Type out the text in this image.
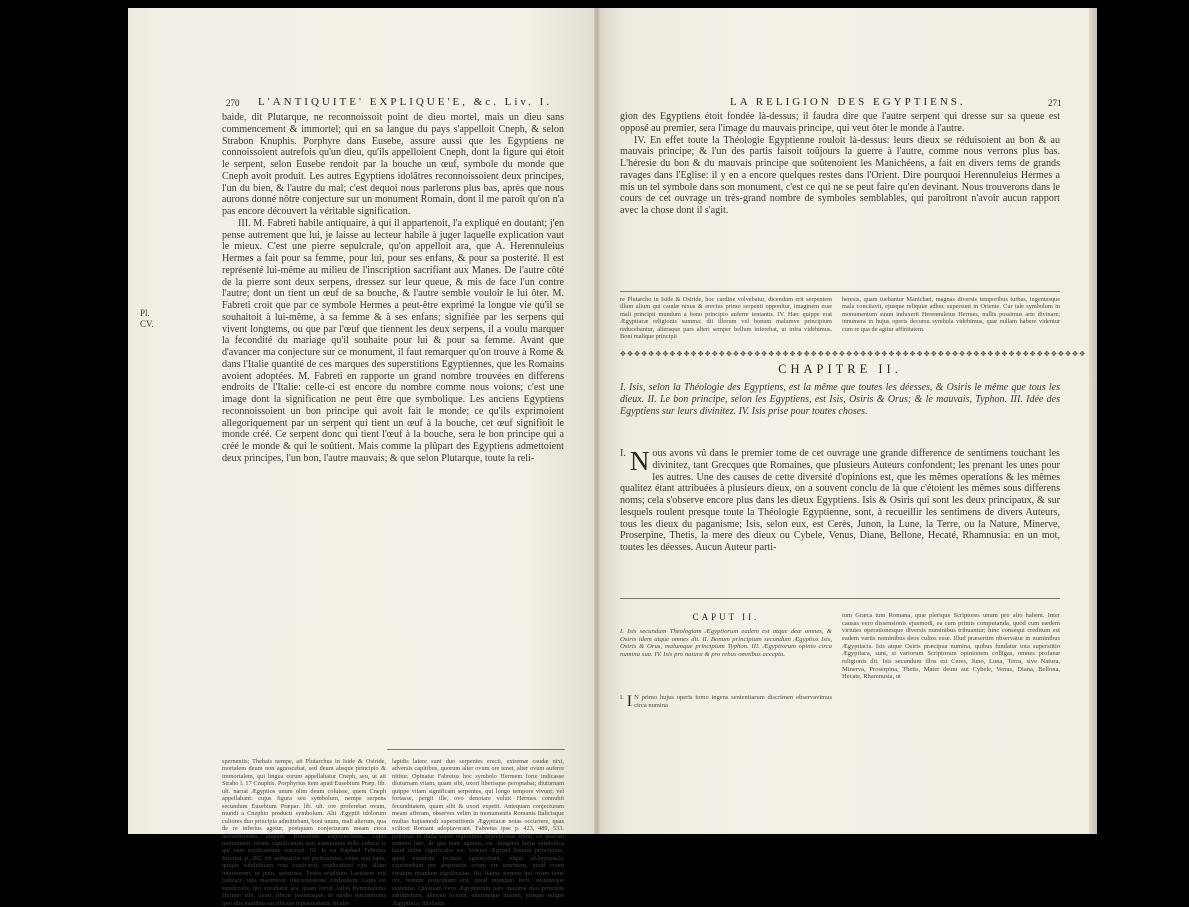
270 L'ANTIQUITE' EXPLIQUE'E, &c. Liv. I.
Pl. CV.

baide, dit Plutarque, ne reconnoissoit point de dieu mortel, mais un dieu sans commencement & immortel; qui en sa langue du pays s'appelloit Cneph, & selon Strabon Knuphis. Porphyre dans Eusebe, assure aussi que les Egyptiens ne connoissoient autrefois qu'un dieu, qu'ils appelloient Cneph, dont la figure qui étoit le serpent, selon Eusebe rendoit par la bouche un œuf, symbole du monde que Cneph avoit produit. Les autres Egyptiens idolâtres reconnoissoient deux principes, l'un du bien, & l'autre du mal; c'est dequoi nous parlerons plus bas, après que nous aurons donné nôtre conjecture sur un monument Romain, dont il me paroît qu'on n'a pas encore découvert la véritable signification.

III. M. Fabreti habile antiquaire, à qui il appartenoit, l'a expliqué en doutant; j'en pense autrement que lui, je laisse au lecteur habile à juger laquelle explication vaut le mieux. C'est une pierre sepulcrale, qu'on appelloit ara, que A. Herennuleius Hermes a fait pour sa femme, pour lui, pour ses enfans, & pour sa posterité. Il est représenté lui-même au milieu de l'inscription sacrifiant aux Manes. De l'autre côté de la pierre sont deux serpens, dressez sur leur queue, & mis de face l'un contre l'autre; dont un tient un œuf de sa bouche, & l'autre semble vouloir le lui ôter. M. Fabreti croit que par ce symbole Hermes a peut-être exprimé la longue vie qu'il se souhaitoit à lui-même, à sa femme & à ses enfans; signifiée par les serpens qui vivent longtems, ou que par l'œuf que tiennent les deux serpens, il a voulu marquer la fecondité du mariage qu'il souhaite pour lui & pour sa femme. Avant que d'avancer ma conjecture sur ce monument, il faut remarquer qu'on trouve à Rome & dans l'Italie quantité de ces marques des superstitions Egyptiennes, que les Romains avoient adoptées. M. Fabreti en rapporte un grand nombre trouvées en differens endroits de l'Italie: celle-ci est encore du nombre comme nous voions; c'est une image dont la signification ne peut être que symbolique. Les anciens Egyptiens reconnoissoient un bon principe qui avoit fait le monde; ce qu'ils exprimoient allegoriquement par un serpent qui tient un œuf à la bouche, cet œuf signifioit le monde créé. Ce serpent donc qui tient l'œuf à la bouche, sera le bon principe qui a créé le monde & qui le soûtient. Mais comme la plûpart des Egyptiens admettoient deux principes, l'un bon, l'autre mauvais; & que selon Plutarque, toute la reli-

spernentis; Thebais nempe, ait Plutarchus in Iside & Osiride, mortalem deum non agnoscebat, sed deum absque principio & immortalem, qui lingua eorum appellabatur Cneph, seu, ut ait Strabo l. 17 Cnuphis. Porphyrius item apud Eusebium Præp. lib. ult. narrat Ægyptios unum olim deum coluisse, quem Cneph appellabant: cujus figura seu symbolum, nempe serpens secundum Eusebium Præpar. lib. ult. ore proferebat ovum, mundi a Cnephio producti symbolum. Alii Ægyptii idolorum cultores duo principia admittebant, boni unum, mali alterum, qua de re inferius agetur, postquam conjecturam meam circa monumentum aliquod Romanum expoluerimus, cujus monumenti verum significatum non assequutus mihi videtur is qui eum explicandum suscepit. III. Is est Raphael Fabretus Inscript. p. 282, vir antiquariæ rei peritissimus, cujus erat lapis, quique subdubitans rem explicavit; explicationi ejus aliam interitorem, ut puto, substituo. Penes eruditum Lectorem erit judicare, utra maximesic interpretatione credendum. Lapis est sepulcralis, qui vocabatur ara, quam erexit Aulus Herennuleius Hermes sibi, uxori, liberis posterisque. In medio inscriptionis ipse diis manibus sacrificans repræsentatur. In alio
lapidis latere sunt duo serpentes erecti, extremæ caudæ nixi, adversis capitibus, quorum alter ovum ore tenet, alter ovum auferre nititur. Opinatur Fabretus hoc symbolo Hermem forte indicasse diuturnam vitam, quam sibi, uxori liberisque peroptabat; diuturnam quippe vitam significant serpentes, qui longo tempore vivunt; vel fortasse, pergit ille, ovo denotare voluit Hermes connubii fecunditatem, quam sibi & uxori expetit. Antequam conjecturam meam afferam, observes velim in monumentis Romanis Italicisque multas hujusmodi superstitionis Ægyptiacæ notas occurrere, quas scilicet Romani adoptaverant. Fabretus ipse p. 423, 489, 533. plurimas in ltalia variis regionibus deprehensas edidit, ex quarum numero hæc, de qua nunc agimus, est. Imaginis hujus symbolica haud dubie significatio est. Veteres Ægyptii bonum principium, quod mundum fecisset agnoscebant, idque ἀλληγορικῶς exprimebant per serpentem ovum ore tenentem, quod ovum creatum mundum significabat. Hic itaque serpens qui ovum tenet ore, bonum principium erit, quod mundum fecit, sustinetque sustentat. Quoniam vero Ægyptiorum pars maxima duo principia admittebant, alterum bonum, alterumque malum, totaque religio Ægyptiaca, nitebatur
LA RELIGION DES EGYPTIENS.	271

gion des Egyptiens étoit fondée là-dessus; il faudra dire que l'autre serpent qui dresse sur sa queue est opposé au premier, sera l'image du mauvais principe, qui veut ôter le monde à l'autre.

IV. En effet toute la Théologie Egyptienne rouloit là-dessus: leurs dieux se réduisoient au bon & au mauvais principe; & l'un des partis faisoit toûjours la guerre à l'autre, comme nous verrons plus bas. L'héresie du bon & du mauvais principe que soûtenoient les Manichéens, a fait en divers tems de grands ravages dans l'Eglise: il y en a encore quelques restes dans l'Orient. Dire pourquoi Herennuleius Hermes a mis un tel symbole dans son monument, c'est ce qui ne se peut faire qu'en devinant. Nous trouverons dans le cours de cet ouvrage un très-grand nombre de symboles semblables, qui paroîtront n'avoir aucun rapport avec la chose dont il s'agit.

re Plutarcho in Iside & Osiride, hoc cardine volvebatur, dicendum erit serpentem illum alium qui caudæ nixus & erectus primo serpenti opponitur, imaginem esse mali principii mundum a bono principio auferre tentantis. IV. Hæc quippe erat Ægyptiacæ religionis summa: dii illorum vel bonum malumve principium reducebantur, alteraque pars alteri semper bellum inferebat, ut infra videbimus. Boni malique principii
heresis, quam tuebantur Manichæi, magnas diversis temporibus turbas, ingentesque mala concitavit, ejusque reliquiæ adhuc supersunt in Oriente. Cur tale symbolum in monumentum suum induxerit Herennuleius Hermes, nullis possimus arte divinare; innumera in hujus operis decursu symbola videbimus, quæ nullam habere videntur cum re qua de agitur affinitatem.
✥✥✥✥✥✥✥✥✥✥✥✥✥✥✥✥✥✥✥✥✥✥✥✥✥✥✥✥✥✥✥✥✥✥✥✥✥✥✥✥✥✥✥✥✥✥✥✥✥✥✥✥✥✥✥✥✥✥✥✥✥✥✥✥✥✥
CHAPITRE II.

I. Isis, selon la Théologie des Egyptiens, est la même que toutes les déesses, & Osiris le même que tous les dieux. II. Le bon principe, selon les Egyptiens, est Isis, Osiris & Orus; & le mauvais, Typhon. III. Idée des Egyptiens sur leurs divinitez. IV. Isis prise pour toutes choses.

I. N ous avons vû dans le premier tome de cet ouvrage une grande difference de sentimens touchant les divinitez, tant Grecques que Romaines, que plusieurs Auteurs confondent; les prenant les unes pour les autres. Une des causes de cette diversité d'opinions est, que les mêmes operations & les mêmes qualitez étant attribuées à plusieurs dieux, on a souvent conclu de là que c'étoient les mêmes sous differens noms; cela s'observe encore plus dans les dieux Egyptiens. Isis & Osiris qui sont les deux principaux, & sur lesquels roulent presque toute la Théologie Egyptienne, sont, à recueillir les sentimens de divers Auteurs, tous les dieux du paganisme; Isis, selon eux, est Cerès, Junon, la Lune, la Terre, ou la Nature, Minerve, Proserpine, Thetis, la mere des dieux ou Cybele, Venus, Diane, Bellone, Hecaté, Rhamnusia: en un mot, toutes les déesses. Aucun Auteur parti-
CAPUT II.

I. Isis secundum Theologiam Ægyptiorum eadem est atque deæ omnes, & Osiris idem atque omnes dii. II. Bonum principium secundum Ægyptios Isis, Osiris & Orus, malumque principium Typhon. III. Ægyptiorum opinio circa numina sua. IV. Isis pro natura & pro rebus omnibus accepta.

I. I N primo hujus operis tomo ingens sententiarum discrimen observavimus circa numina

tum Græca tum Romana, quæ plerique Scriptores unum pro alio habent. Inter causas vero dissensionis ejusmodi, ea cum primis computanda, quod cum eædem virtutes operationesque diversis numinibus tribuantur; hinc consequi creditum est eadem variis nominibus deos cultos esse. Illud præsertim observatur in numinibus Ægyptiacis. Isis atque Osiris præcipua numina, quibus fundatur tota superstitio Ægyptiaca, sunt, si variorum Scriptorum opinionem colligas, omnes profanæ religionis dii. Isis secundum illos est Ceres, Juno, Luna, Terra, sive Natura, Minerva, Proserpina, Thetis, Mater deum aut Cybele, Venus, Diana, Bellona, Hecate, Rhamnusia, ut
